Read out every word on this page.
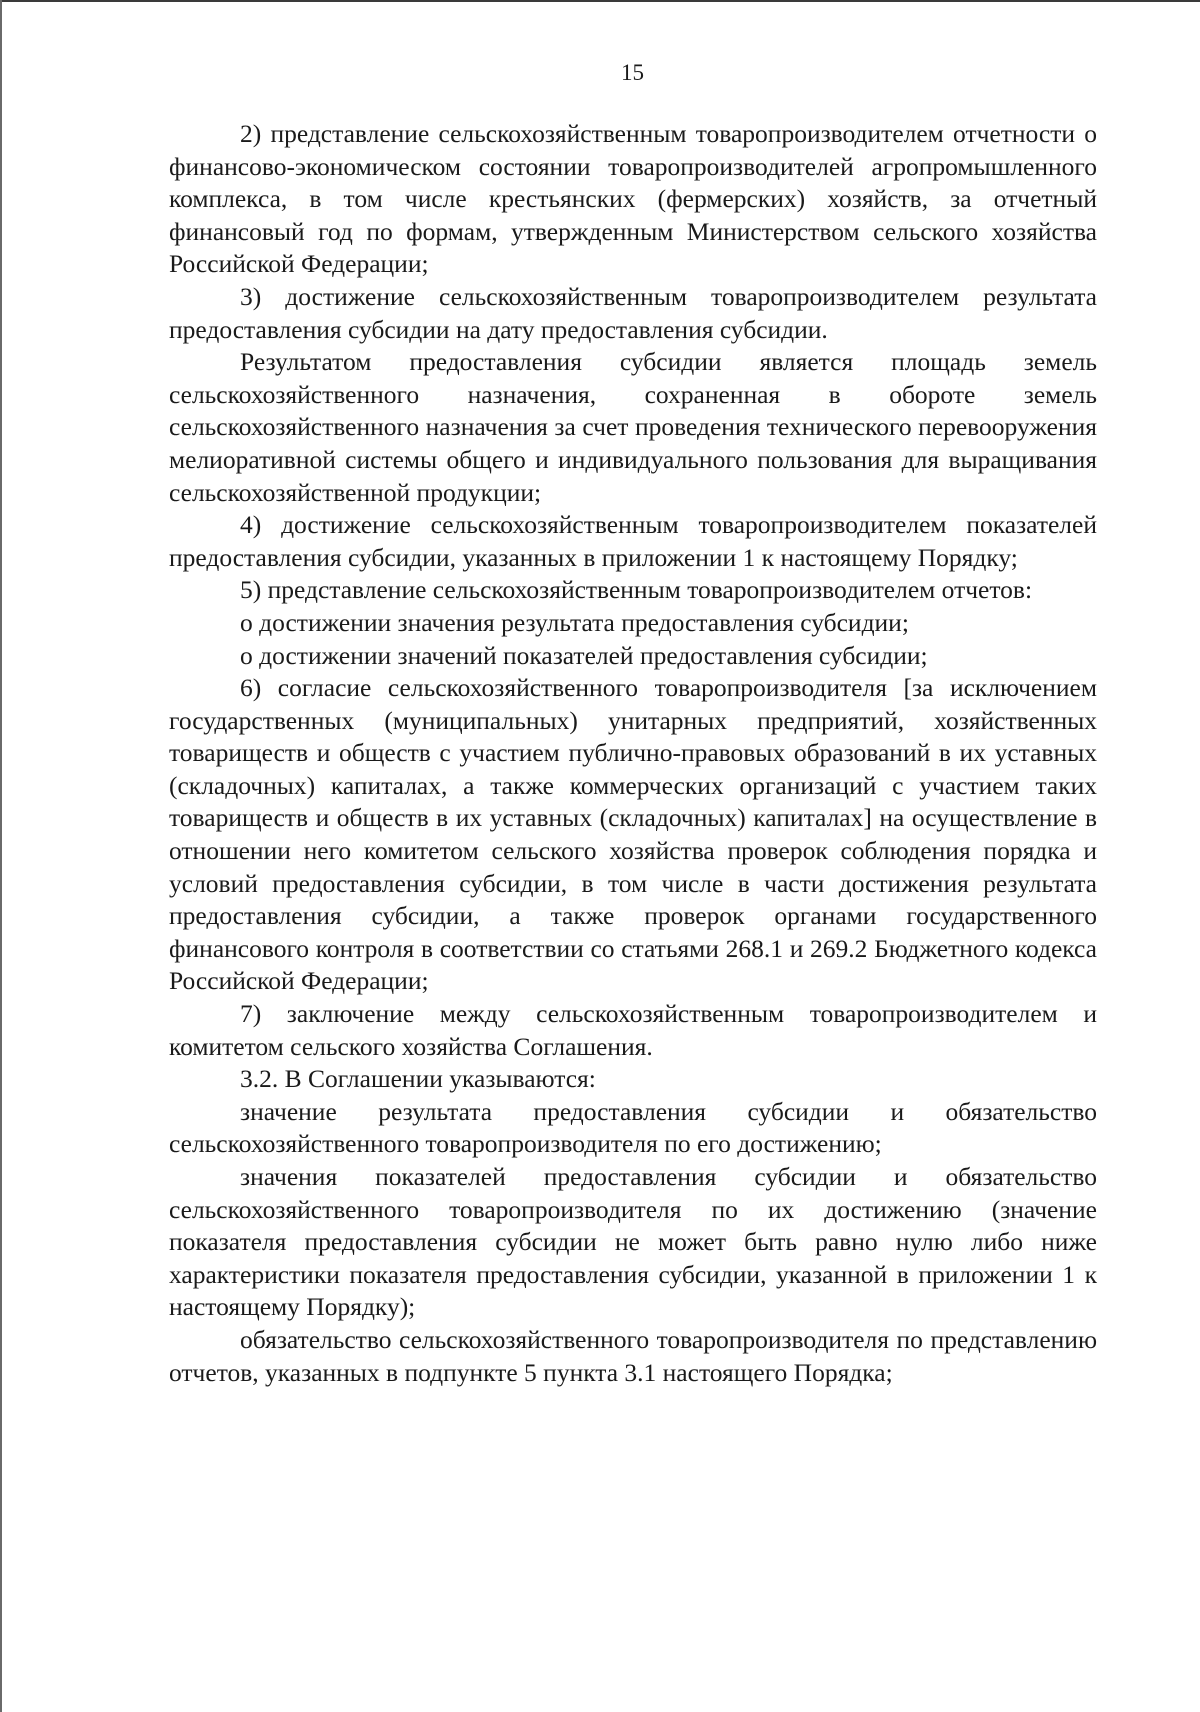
15

2) представление сельскохозяйственным товаропроизводителем отчетности о финансово-экономическом состоянии товаропроизводителей агропромышленного комплекса, в том числе крестьянских (фермерских) хозяйств, за отчетный финансовый год по формам, утвержденным Министерством сельского хозяйства Российской Федерации;

3) достижение сельскохозяйственным товаропроизводителем результата предоставления субсидии на дату предоставления субсидии.

Результатом предоставления субсидии является площадь земель сельскохозяйственного назначения, сохраненная в обороте земель сельскохозяйственного назначения за счет проведения технического перевооружения мелиоративной системы общего и индивидуального пользования для выращивания сельскохозяйственной продукции;

4) достижение сельскохозяйственным товаропроизводителем показателей предоставления субсидии, указанных в приложении 1 к настоящему Порядку;

5) представление сельскохозяйственным товаропроизводителем отчетов:

о достижении значения результата предоставления субсидии;

о достижении значений показателей предоставления субсидии;

6) согласие сельскохозяйственного товаропроизводителя [за исключением государственных (муниципальных) унитарных предприятий, хозяйственных товариществ и обществ с участием публично-правовых образований в их уставных (складочных) капиталах, а также коммерческих организаций с участием таких товариществ и обществ в их уставных (складочных) капиталах] на осуществление в отношении него комитетом сельского хозяйства проверок соблюдения порядка и условий предоставления субсидии, в том числе в части достижения результата предоставления субсидии, а также проверок органами государственного финансового контроля в соответствии со статьями 268.1 и 269.2 Бюджетного кодекса Российской Федерации;

7) заключение между сельскохозяйственным товаропроизводителем и комитетом сельского хозяйства Соглашения.

3.2. В Соглашении указываются:

значение результата предоставления субсидии и обязательство сельскохозяйственного товаропроизводителя по его достижению;

значения показателей предоставления субсидии и обязательство сельскохозяйственного товаропроизводителя по их достижению (значение показателя предоставления субсидии не может быть равно нулю либо ниже характеристики показателя предоставления субсидии, указанной в приложении 1 к настоящему Порядку);

обязательство сельскохозяйственного товаропроизводителя по представлению отчетов, указанных в подпункте 5 пункта 3.1 настоящего Порядка;
